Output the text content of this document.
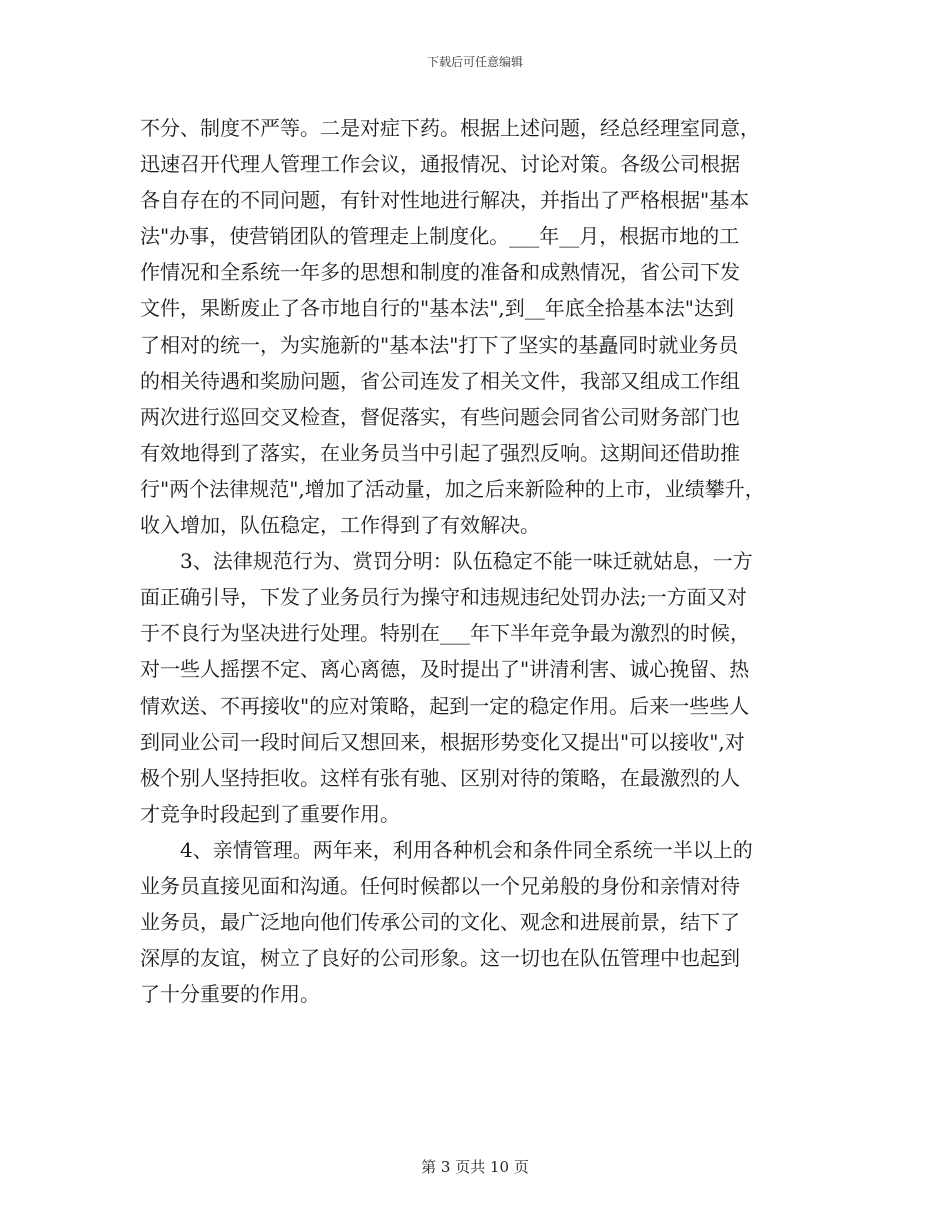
下载后可任意编辑
不分、制度不严等。二是对症下药。根据上述问题，经总经理室同意，
迅速召开代理人管理工作会议，通报情况、讨论对策。各级公司根据
各自存在的不同问题，有针对性地进行解决，并指出了严格根据"基本
法"办事，使营销团队的管理走上制度化。___年__月，根据市地的工
作情况和全系统一年多的思想和制度的准备和成熟情况，省公司下发
文件，果断废止了各市地自行的"基本法",到__年底全拾基本法"达到
了相对的统一，为实施新的"基本法"打下了坚实的基矗同时就业务员
的相关待遇和奖励问题，省公司连发了相关文件，我部又组成工作组
两次进行巡回交叉检查，督促落实，有些问题会同省公司财务部门也
有效地得到了落实，在业务员当中引起了强烈反响。这期间还借助推
行"两个法律规范",增加了活动量，加之后来新险种的上市，业绩攀升，
收入增加，队伍稳定，工作得到了有效解决。
3、法律规范行为、赏罚分明：队伍稳定不能一味迁就姑息，一方
面正确引导，下发了业务员行为操守和违规违纪处罚办法;一方面又对
于不良行为坚决进行处理。特别在___年下半年竞争最为激烈的时候，
对一些人摇摆不定、离心离德，及时提出了"讲清利害、诚心挽留、热
情欢送、不再接收"的应对策略，起到一定的稳定作用。后来一些些人
到同业公司一段时间后又想回来，根据形势变化又提出"可以接收",对
极个别人坚持拒收。这样有张有驰、区别对待的策略，在最激烈的人
才竞争时段起到了重要作用。
4、亲情管理。两年来，利用各种机会和条件同全系统一半以上的
业务员直接见面和沟通。任何时候都以一个兄弟般的身份和亲情对待
业务员，最广泛地向他们传承公司的文化、观念和进展前景，结下了
深厚的友谊，树立了良好的公司形象。这一切也在队伍管理中也起到
了十分重要的作用。
第 3 页共 10 页
